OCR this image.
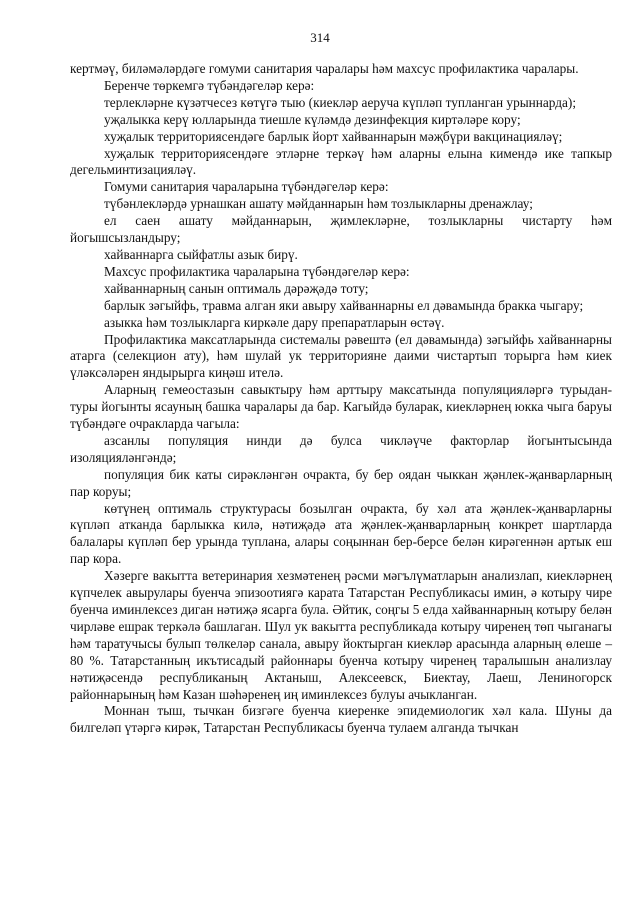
314

кертмәү, биләмәләрдәге гомуми санитария чаралары һәм махсус профилактика чаралары.

Беренче төркемгә түбәндәгеләр керә:

терлекләрне күзәтчесез көтүгә тыю (киекләр аеруча күпләп тупланган урыннарда);

уҗалыкка керү юлларында тиешле күләмдә дезинфекция киртәләре кору;

хуҗалык территориясендәге барлык йорт хайваннарын мәҗбүри вакцинацияләү;

хуҗалык территориясендәге этләрне теркәү һәм аларны елына кимендә ике тапкыр дегельминтизацияләү.

Гомуми санитария чараларына түбәндәгеләр керә:

түбәнлекләрдә урнашкан ашату мәйданнарын һәм тозлыкларны дренажлау;

ел саен ашату мәйданнарын, җимлекләрне, тозлыкларны чистарту һәм йогышсызландыру;

хайваннарга сыйфатлы азык бирү.

Махсус профилактика чараларына түбәндәгеләр керә:

хайваннарның санын оптималь дәрәҗәдә тоту;

барлык зәгыйфь, травма алган яки авыру хайваннарны ел дәвамында бракка чыгару;

азыкка һәм тозлыкларга киркәле дару препаратларын өстәү.

Профилактика максатларында системалы рәвештә (ел дәвамында) зәгыйфь хайваннарны атарга (селекцион ату), һәм шулай ук территорияне даими чистартып торырга һәм киек үләксәләрен яндырырга киңәш ителә.

Аларның гемеостазын савыктыру һәм арттыру максатында популяцияләргә турыдан-туры йогынты ясауның башка чаралары да бар. Кагыйдә буларак, киекләрнең юкка чыга баруы түбәндәге очракларда чагыла:

азсанлы популяция нинди дә булса чикләүче факторлар йогынтысында изоляцияләнгәндә;

популяция бик каты сирәкләнгән очракта, бу бер оядан чыккан җәнлек-җанварларның пар коруы;

көтүнең оптималь структурасы бозылган очракта, бу хәл ата җәнлек-җанварларны күпләп атканда барлыкка килә, нәтиҗәдә ата җәнлек-җанварларның конкрет шартларда балалары күпләп бер урында туплана, алары соңыннан бер-берсе белән кирәгеннән артык еш пар кора.

Хәзерге вакытта ветеринария хезмәтенең рәсми мәгълүматларын анализлап, киекләрнең күпчелек авырулары буенча эпизоотиягә карата Татарстан Республикасы имин, ә котыру чире буенча иминлексез диган нәтиҗә ясарга була. Әйтик, соңгы 5 елда хайваннарның котыру белән чирләве ешрак теркәлә башлаган. Шул ук вакытта республикада котыру чиренең төп чыганагы һәм таратучысы булып төлкеләр санала, авыру йоктырган киекләр арасында аларның өлеше – 80 %. Татарстанның икътисадый районнары буенча котыру чиренең таралышын анализлау нәтиҗәсендә республиканың Актаныш, Алексеевск, Биектау, Лаеш, Лениногорск районнарының һәм Казан шәһәренең иң иминлексез булуы ачыкланган.

Моннан тыш, тычкан бизгәге буенча киеренке эпидемиологик хәл кала. Шуны да билгеләп үтәргә кирәк, Татарстан Республикасы буенча тулаем алганда тычкан
